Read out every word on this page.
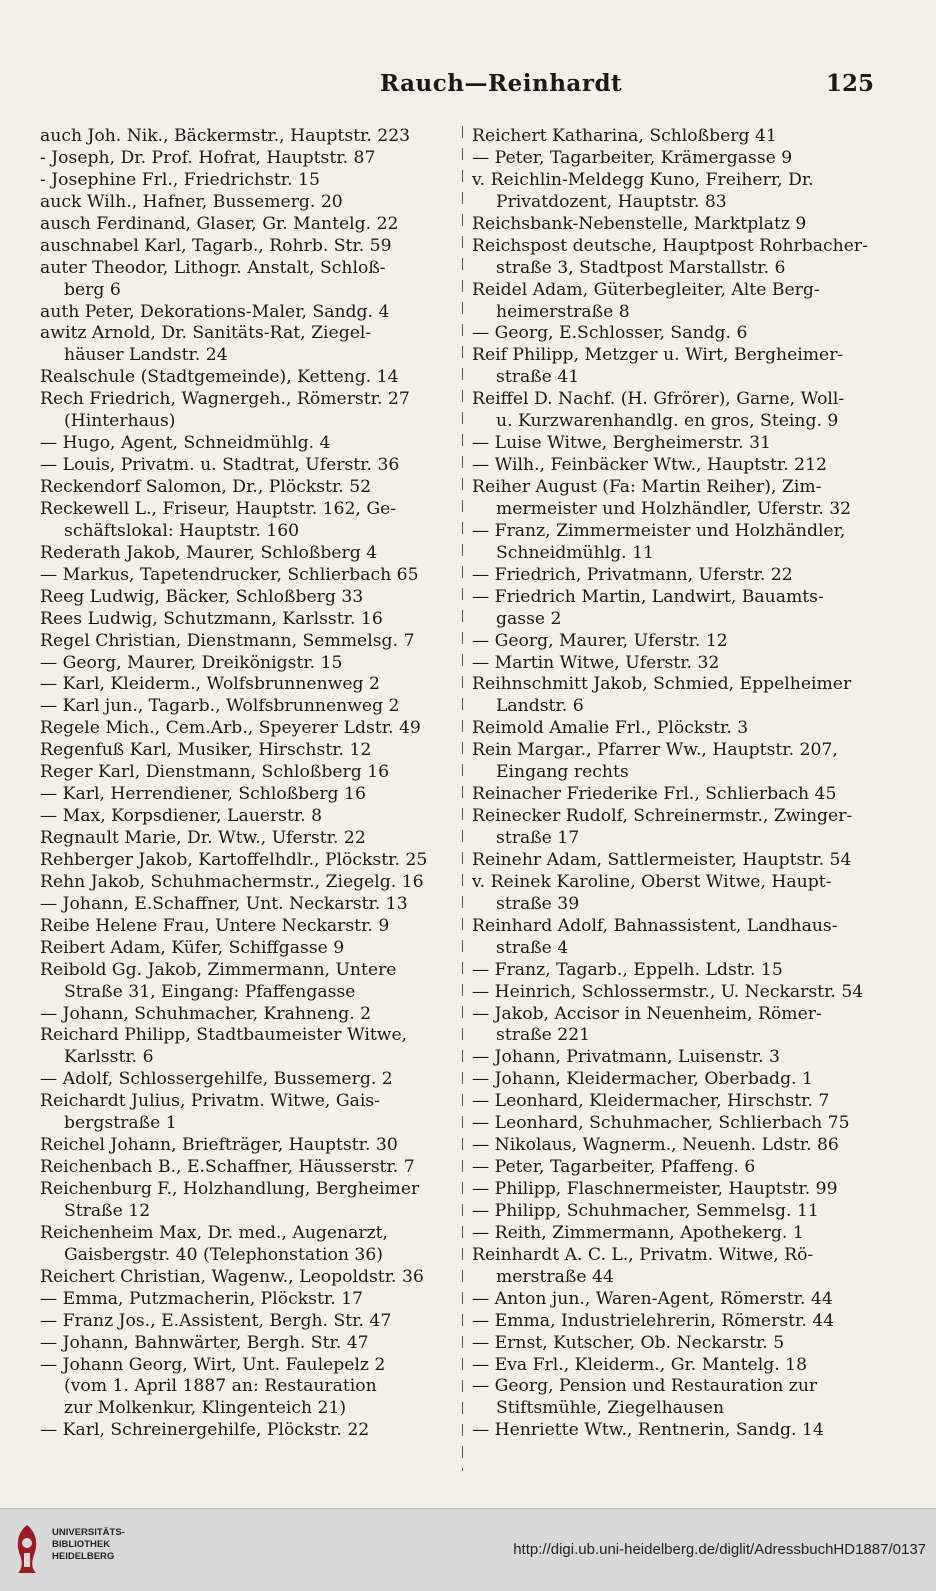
Rauch—Reinhardt	125
auch Joh. Nik., Bäckermstr., Hauptstr. 223
- Joseph, Dr. Prof. Hofrat, Hauptstr. 87
- Josephine Frl., Friedrichstr. 15
auck Wilh., Hafner, Bussemerg. 20
ausch Ferdinand, Glaser, Gr. Mantelg. 22
auschnabel Karl, Tagarb., Rohrb. Str. 59
auter Theodor, Lithogr. Anstalt, Schloß-
berg 6
auth Peter, Dekorations-Maler, Sandg. 4
awitz Arnold, Dr. Sanitäts-Rat, Ziegel-
häuser Landstr. 24
Realschule (Stadtgemeinde), Ketteng. 14
Rech Friedrich, Wagnergeh., Römerstr. 27
(Hinterhaus)
— Hugo, Agent, Schneidmühlg. 4
— Louis, Privatm. u. Stadtrat, Uferstr. 36
Reckendorf Salomon, Dr., Plöckstr. 52
Reckewell L., Friseur, Hauptstr. 162, Ge-
schäftslokal: Hauptstr. 160
Rederath Jakob, Maurer, Schloßberg 4
— Markus, Tapetendrucker, Schlierbach 65
Reeg Ludwig, Bäcker, Schloßberg 33
Rees Ludwig, Schutzmann, Karlsstr. 16
Regel Christian, Dienstmann, Semmelsg. 7
— Georg, Maurer, Dreikönigstr. 15
— Karl, Kleiderm., Wolfsbrunnenweg 2
— Karl jun., Tagarb., Wolfsbrunnenweg 2
Regele Mich., Cem.Arb., Speyerer Ldstr. 49
Regenfuß Karl, Musiker, Hirschstr. 12
Reger Karl, Dienstmann, Schloßberg 16
— Karl, Herrendiener, Schloßberg 16
— Max, Korpsdiener, Lauerstr. 8
Regnault Marie, Dr. Wtw., Uferstr. 22
Rehberger Jakob, Kartoffelhdlr., Plöckstr. 25
Rehn Jakob, Schuhmachermstr., Ziegelg. 16
— Johann, E.Schaffner, Unt. Neckarstr. 13
Reibe Helene Frau, Untere Neckarstr. 9
Reibert Adam, Küfer, Schiffgasse 9
Reibold Gg. Jakob, Zimmermann, Untere
Straße 31, Eingang: Pfaffengasse
— Johann, Schuhmacher, Krahneng. 2
Reichard Philipp, Stadtbaumeister Witwe,
Karlsstr. 6
— Adolf, Schlossergehilfe, Bussemerg. 2
Reichardt Julius, Privatm. Witwe, Gais-
bergstraße 1
Reichel Johann, Briefträger, Hauptstr. 30
Reichenbach B., E.Schaffner, Häusserstr. 7
Reichenburg F., Holzhandlung, Bergheimer
Straße 12
Reichenheim Max, Dr. med., Augenarzt,
Gaisbergstr. 40 (Telephonstation 36)
Reichert Christian, Wagenw., Leopoldstr. 36
— Emma, Putzmacherin, Plöckstr. 17
— Franz Jos., E.Assistent, Bergh. Str. 47
— Johann, Bahnwärter, Bergh. Str. 47
— Johann Georg, Wirt, Unt. Faulepelz 2
(vom 1. April 1887 an: Restauration
zur Molkenkur, Klingenteich 21)
— Karl, Schreinergehilfe, Plöckstr. 22
Reichert Katharina, Schloßberg 41
— Peter, Tagarbeiter, Krämergasse 9
v. Reichlin-Meldegg Kuno, Freiherr, Dr.
Privatdozent, Hauptstr. 83
Reichsbank-Nebenstelle, Marktplatz 9
Reichspost deutsche, Hauptpost Rohrbacher-
straße 3, Stadtpost Marstallstr. 6
Reidel Adam, Güterbegleiter, Alte Berg-
heimerstraße 8
— Georg, E.Schlosser, Sandg. 6
Reif Philipp, Metzger u. Wirt, Bergheimer-
straße 41
Reiffel D. Nachf. (H. Gfrörer), Garne, Woll-
u. Kurzwarenhandlg. en gros, Steing. 9
— Luise Witwe, Bergheimerstr. 31
— Wilh., Feinbäcker Wtw., Hauptstr. 212
Reiher August (Fa: Martin Reiher), Zim-
mermeister und Holzhändler, Uferstr. 32
— Franz, Zimmermeister und Holzhändler,
Schneidmühlg. 11
— Friedrich, Privatmann, Uferstr. 22
— Friedrich Martin, Landwirt, Bauamts-
gasse 2
— Georg, Maurer, Uferstr. 12
— Martin Witwe, Uferstr. 32
Reihnschmitt Jakob, Schmied, Eppelheimer
Landstr. 6
Reimold Amalie Frl., Plöckstr. 3
Rein Margar., Pfarrer Ww., Hauptstr. 207,
Eingang rechts
Reinacher Friederike Frl., Schlierbach 45
Reinecker Rudolf, Schreinermstr., Zwinger-
straße 17
Reinehr Adam, Sattlermeister, Hauptstr. 54
v. Reinek Karoline, Oberst Witwe, Haupt-
straße 39
Reinhard Adolf, Bahnassistent, Landhaus-
straße 4
— Franz, Tagarb., Eppelh. Ldstr. 15
— Heinrich, Schlossermstr., U. Neckarstr. 54
— Jakob, Accisor in Neuenheim, Römer-
straße 221
— Johann, Privatmann, Luisenstr. 3
— Johann, Kleidermacher, Oberbadg. 1
— Leonhard, Kleidermacher, Hirschstr. 7
— Leonhard, Schuhmacher, Schlierbach 75
— Nikolaus, Wagnerm., Neuenh. Ldstr. 86
— Peter, Tagarbeiter, Pfaffeng. 6
— Philipp, Flaschnermeister, Hauptstr. 99
— Philipp, Schuhmacher, Semmelsg. 11
— Reith, Zimmermann, Apothekerg. 1
Reinhardt A. C. L., Privatm. Witwe, Rö-
merstraße 44
— Anton jun., Waren-Agent, Römerstr. 44
— Emma, Industrielehrerin, Römerstr. 44
— Ernst, Kutscher, Ob. Neckarstr. 5
— Eva Frl., Kleiderm., Gr. Mantelg. 18
— Georg, Pension und Restauration zur
Stiftsmühle, Ziegelhausen
— Henriette Wtw., Rentnerin, Sandg. 14
UNIVERSITÄTS-
BIBLIOTHEK
HEIDELBERG	http://digi.ub.uni-heidelberg.de/diglit/AdressbuchHD1887/0137
